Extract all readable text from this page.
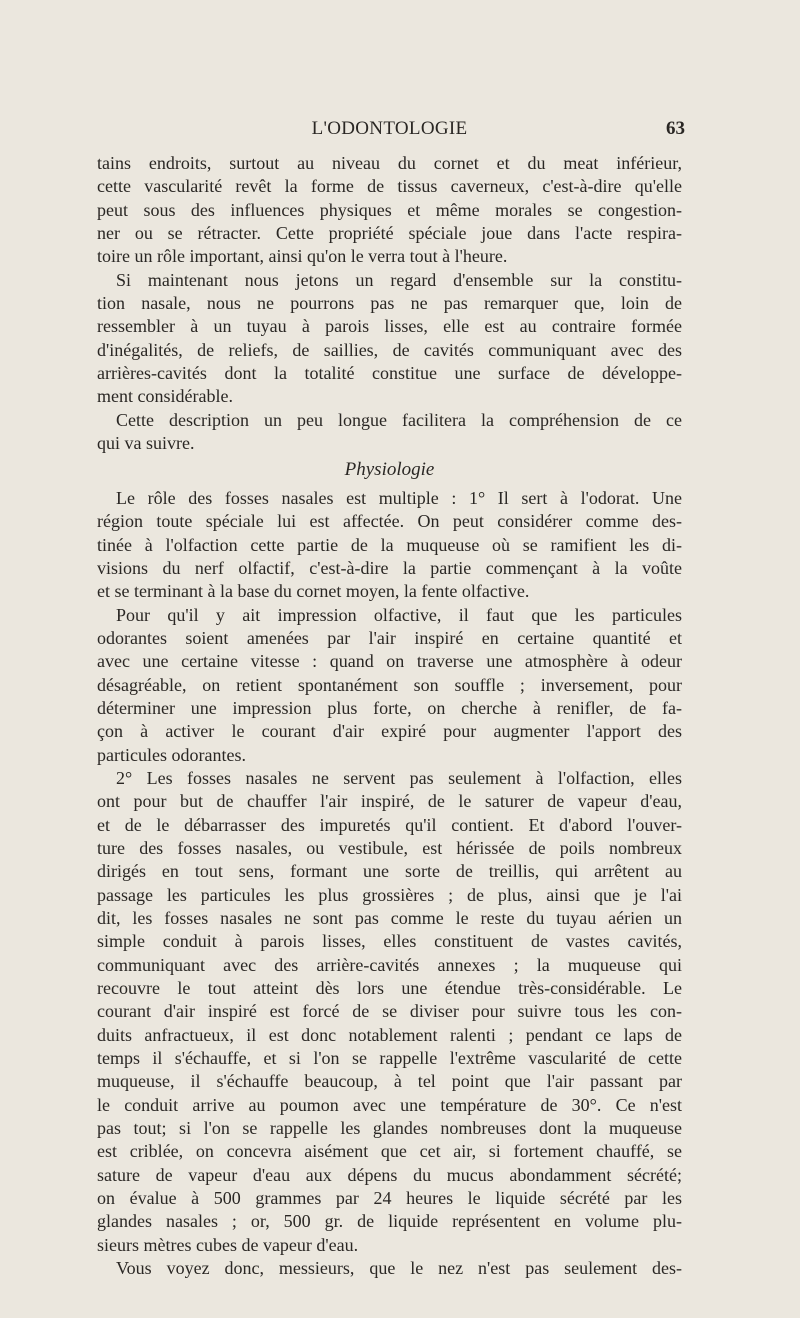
L'ODONTOLOGIE	63
tains endroits, surtout au niveau du cornet et du meat inférieur,
cette vascularité revêt la forme de tissus caverneux, c'est-à-dire qu'elle
peut sous des influences physiques et même morales se congestion-
ner ou se rétracter. Cette propriété spéciale joue dans l'acte respira-
toire un rôle important, ainsi qu'on le verra tout à l'heure.
Si maintenant nous jetons un regard d'ensemble sur la constitu-
tion nasale, nous ne pourrons pas ne pas remarquer que, loin de
ressembler à un tuyau à parois lisses, elle est au contraire formée
d'inégalités, de reliefs, de saillies, de cavités communiquant avec des
arrières-cavités dont la totalité constitue une surface de développe-
ment considérable.
Cette description un peu longue facilitera la compréhension de ce
qui va suivre.
Physiologie
Le rôle des fosses nasales est multiple : 1° Il sert à l'odorat. Une
région toute spéciale lui est affectée. On peut considérer comme des-
tinée à l'olfaction cette partie de la muqueuse où se ramifient les di-
visions du nerf olfactif, c'est-à-dire la partie commençant à la voûte
et se terminant à la base du cornet moyen, la fente olfactive.
Pour qu'il y ait impression olfactive, il faut que les particules
odorantes soient amenées par l'air inspiré en certaine quantité et
avec une certaine vitesse : quand on traverse une atmosphère à odeur
désagréable, on retient spontanément son souffle ; inversement, pour
déterminer une impression plus forte, on cherche à renifler, de fa-
çon à activer le courant d'air expiré pour augmenter l'apport des
particules odorantes.
2° Les fosses nasales ne servent pas seulement à l'olfaction, elles
ont pour but de chauffer l'air inspiré, de le saturer de vapeur d'eau,
et de le débarrasser des impuretés qu'il contient. Et d'abord l'ouver-
ture des fosses nasales, ou vestibule, est hérissée de poils nombreux
dirigés en tout sens, formant une sorte de treillis, qui arrêtent au
passage les particules les plus grossières ; de plus, ainsi que je l'ai
dit, les fosses nasales ne sont pas comme le reste du tuyau aérien un
simple conduit à parois lisses, elles constituent de vastes cavités,
communiquant avec des arrière-cavités annexes ; la muqueuse qui
recouvre le tout atteint dès lors une étendue très-considérable. Le
courant d'air inspiré est forcé de se diviser pour suivre tous les con-
duits anfractueux, il est donc notablement ralenti ; pendant ce laps de
temps il s'échauffe, et si l'on se rappelle l'extrême vascularité de cette
muqueuse, il s'échauffe beaucoup, à tel point que l'air passant par
le conduit arrive au poumon avec une température de 30°. Ce n'est
pas tout; si l'on se rappelle les glandes nombreuses dont la muqueuse
est criblée, on concevra aisément que cet air, si fortement chauffé, se
sature de vapeur d'eau aux dépens du mucus abondamment sécrété;
on évalue à 500 grammes par 24 heures le liquide sécrété par les
glandes nasales ; or, 500 gr. de liquide représentent en volume plu-
sieurs mètres cubes de vapeur d'eau.
Vous voyez donc, messieurs, que le nez n'est pas seulement des-
